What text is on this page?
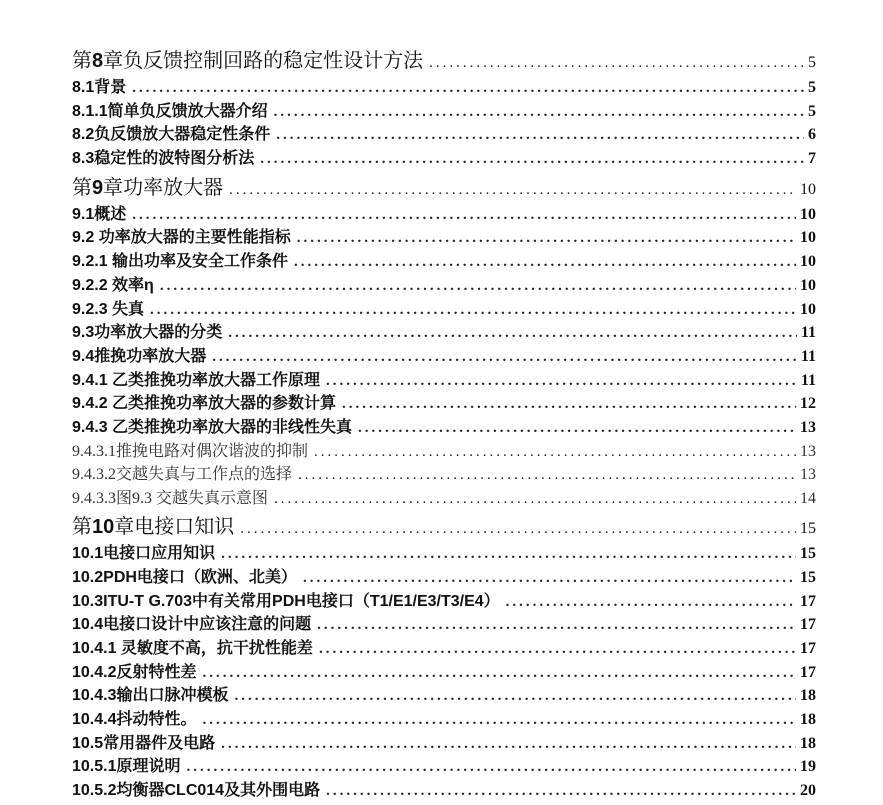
第8章负反馈控制回路的稳定性设计方法 .....	5
8.1背景 .....	5
8.1.1简单负反馈放大器介绍 .....	5
8.2负反馈放大器稳定性条件 .....	6
8.3稳定性的波特图分析法 .....	7
第9章功率放大器 .....	10
9.1概述 .....	10
9.2 功率放大器的主要性能指标 .....	10
9.2.1 输出功率及安全工作条件 .....	10
9.2.2 效率η .....	10
9.2.3 失真 .....	10
9.3功率放大器的分类 .....	11
9.4推挽功率放大器 .....	11
9.4.1 乙类推挽功率放大器工作原理 .....	11
9.4.2 乙类推挽功率放大器的参数计算 .....	12
9.4.3 乙类推挽功率放大器的非线性失真 .....	13
9.4.3.1推挽电路对偶次谐波的抑制 .....	13
9.4.3.2交越失真与工作点的选择 .....	13
9.4.3.3图9.3 交越失真示意图 .....	14
第10章电接口知识 .....	15
10.1电接口应用知识 .....	15
10.2PDH电接口（欧洲、北美） .....	15
10.3ITU-T G.703中有关常用PDH电接口（T1/E1/E3/T3/E4） .....	17
10.4电接口设计中应该注意的问题 .....	17
10.4.1 灵敏度不高，抗干扰性能差 .....	17
10.4.2反射特性差 .....	17
10.4.3输出口脉冲模板 .....	18
10.4.4抖动特性。 .....	18
10.5常用器件及电路 .....	18
10.5.1原理说明 .....	19
10.5.2均衡器CLC014及其外围电路 .....	20
